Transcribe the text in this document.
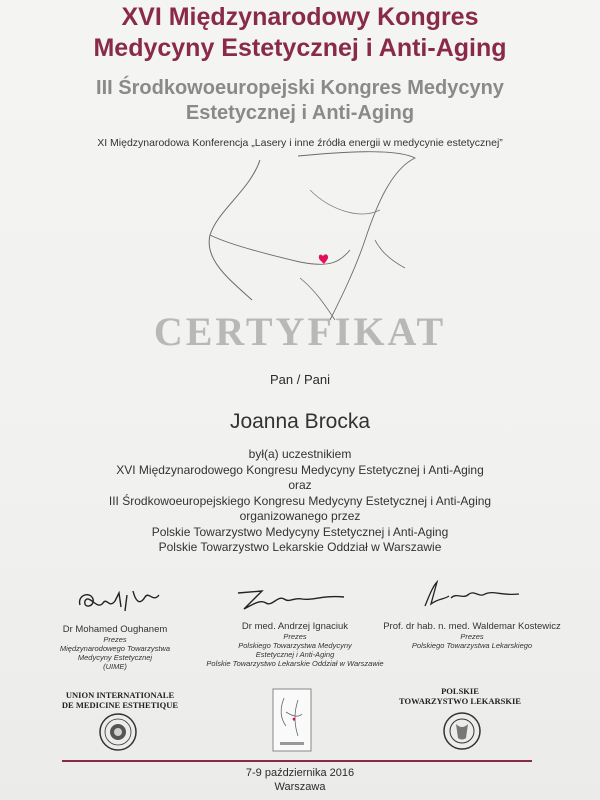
XVI Międzynarodowy Kongres
Medycyny Estetycznej i Anti-Aging
III Środkowoeuropejski Kongres Medycyny
Estetycznej i Anti-Aging
XI Międzynarodowa Konferencja „Lasery i inne źródła energii w medycynie estetycznej”
CERTYFIKAT
Pan / Pani
Joanna Brocka
był(a) uczestnikiem
XVI Międzynarodowego Kongresu Medycyny Estetycznej i Anti-Aging
oraz
III Środkowoeuropejskiego Kongresu Medycyny Estetycznej i Anti-Aging
organizowanego przez
Polskie Towarzystwo Medycyny Estetycznej i Anti-Aging
Polskie Towarzystwo Lekarskie Oddział w Warszawie
Dr Mohamed Oughanem
Prezes
Międzynarodowego Towarzystwa
Medycyny Estetycznej
(UIME)
Dr med. Andrzej Ignaciuk
Prezes
Polskiego Towarzystwa Medycyny
Estetycznej i Anti-Aging
Polskie Towarzystwo Lekarskie Oddział w Warszawie
Prof. dr hab. n. med. Waldemar Kostewicz
Prezes
Polskiego Towarzystwa Lekarskiego
UNION INTERNATIONALE
DE MEDICINE ESTHETIQUE
POLSKIE
TOWARZYSTWO LEKARSKIE
7-9 października 2016
Warszawa
